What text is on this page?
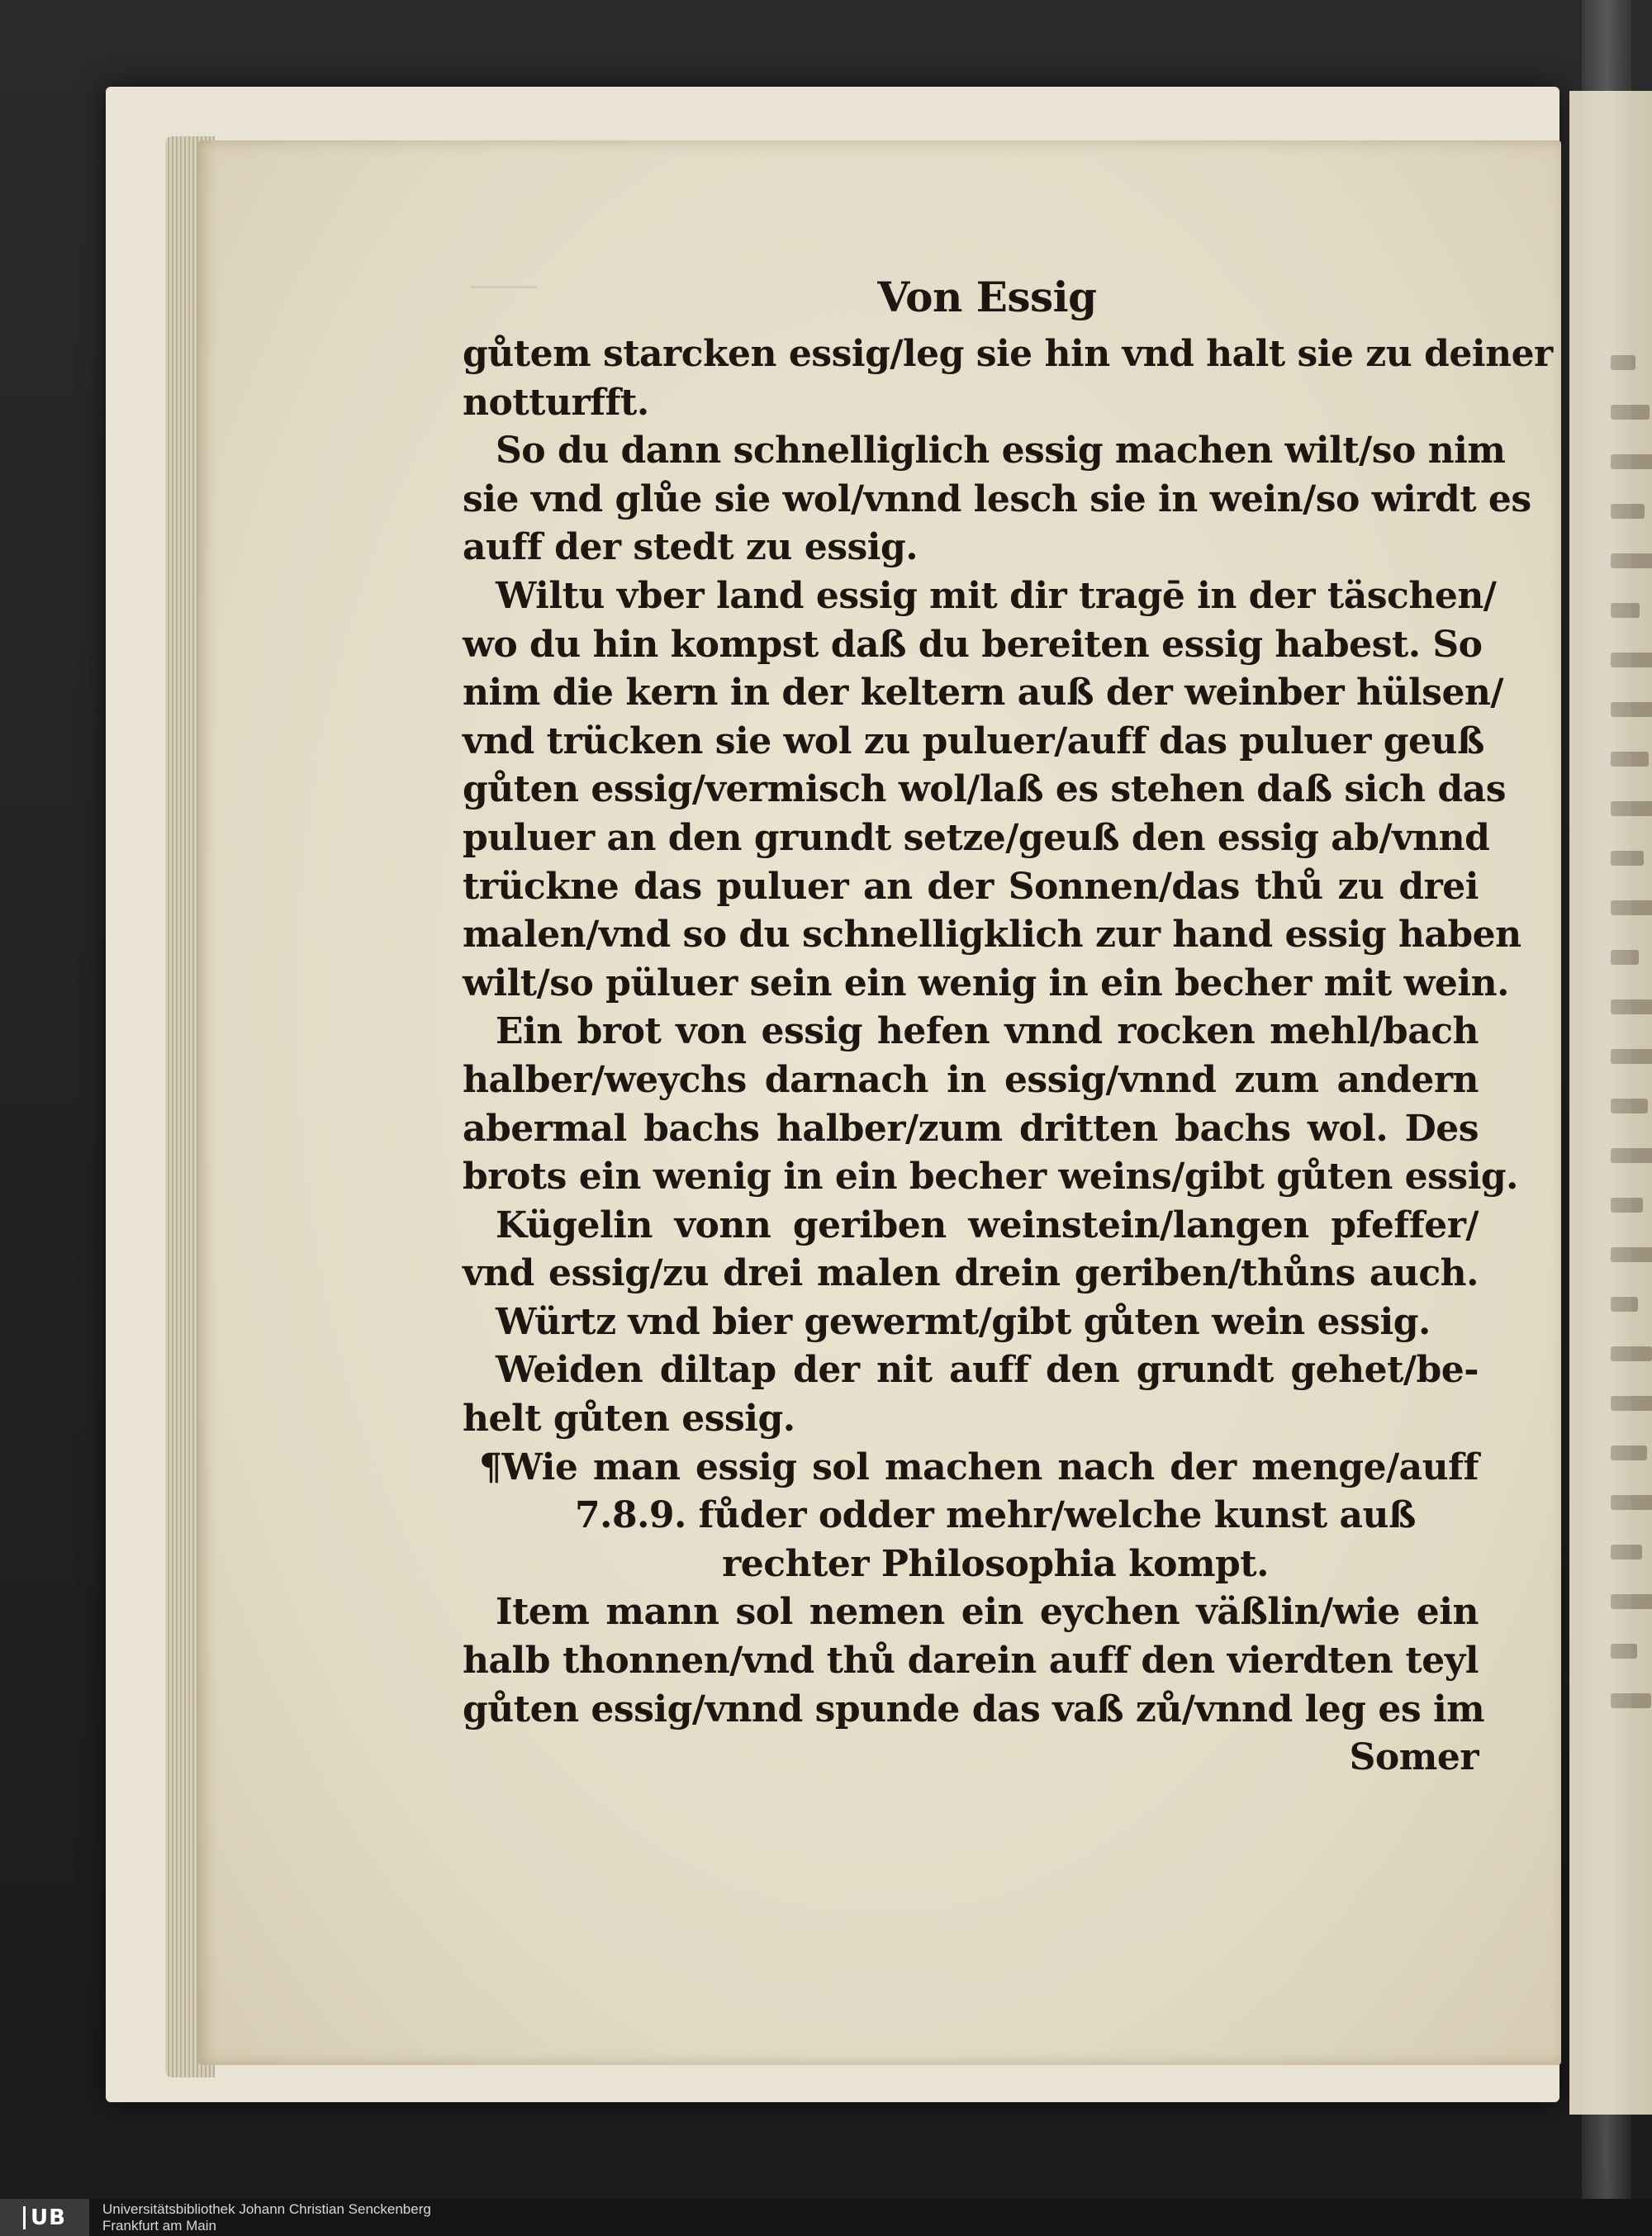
Von Essig
gůtem starcken essig/leg sie hin vnd halt sie zu deiner
notturfft.
So du dann schnelliglich essig machen wilt/so nim
sie vnd glůe sie wol/vnnd lesch sie in wein/so wirdt es
auff der stedt zu essig.
Wiltu vber land essig mit dir tragē in der täschen/
wo du hin kompst daß du bereiten essig habest. So
nim die kern in der keltern auß der weinber hülsen/
vnd trücken sie wol zu puluer/auff das puluer geuß
gůten essig/vermisch wol/laß es stehen daß sich das
puluer an den grundt setze/geuß den essig ab/vnnd
trückne das puluer an der Sonnen/das thů zu drei
malen/vnd so du schnelligklich zur hand essig haben
wilt/so püluer sein ein wenig in ein becher mit wein.
Ein brot von essig hefen vnnd rocken mehl/bach
halber/weychs darnach in essig/vnnd zum andern
abermal bachs halber/zum dritten bachs wol. Des
brots ein wenig in ein becher weins/gibt gůten essig.
Kügelin vonn geriben weinstein/langen pfeffer/
vnd essig/zu drei malen drein geriben/thůns auch.
Würtz vnd bier gewermt/gibt gůten wein essig.
Weiden diltap der nit auff den grundt gehet/be-
helt gůten essig.
¶Wie man essig sol machen nach der menge/auff
7.8.9. fůder odder mehr/welche kunst auß
rechter Philosophia kompt.
Item mann sol nemen ein eychen väßlin/wie ein
halb thonnen/vnd thů darein auff den vierdten teyl
gůten essig/vnnd spunde das vaß zů/vnnd leg es im
Somer
UB	Universitätsbibliothek Johann Christian Senckenberg
Frankfurt am Main
